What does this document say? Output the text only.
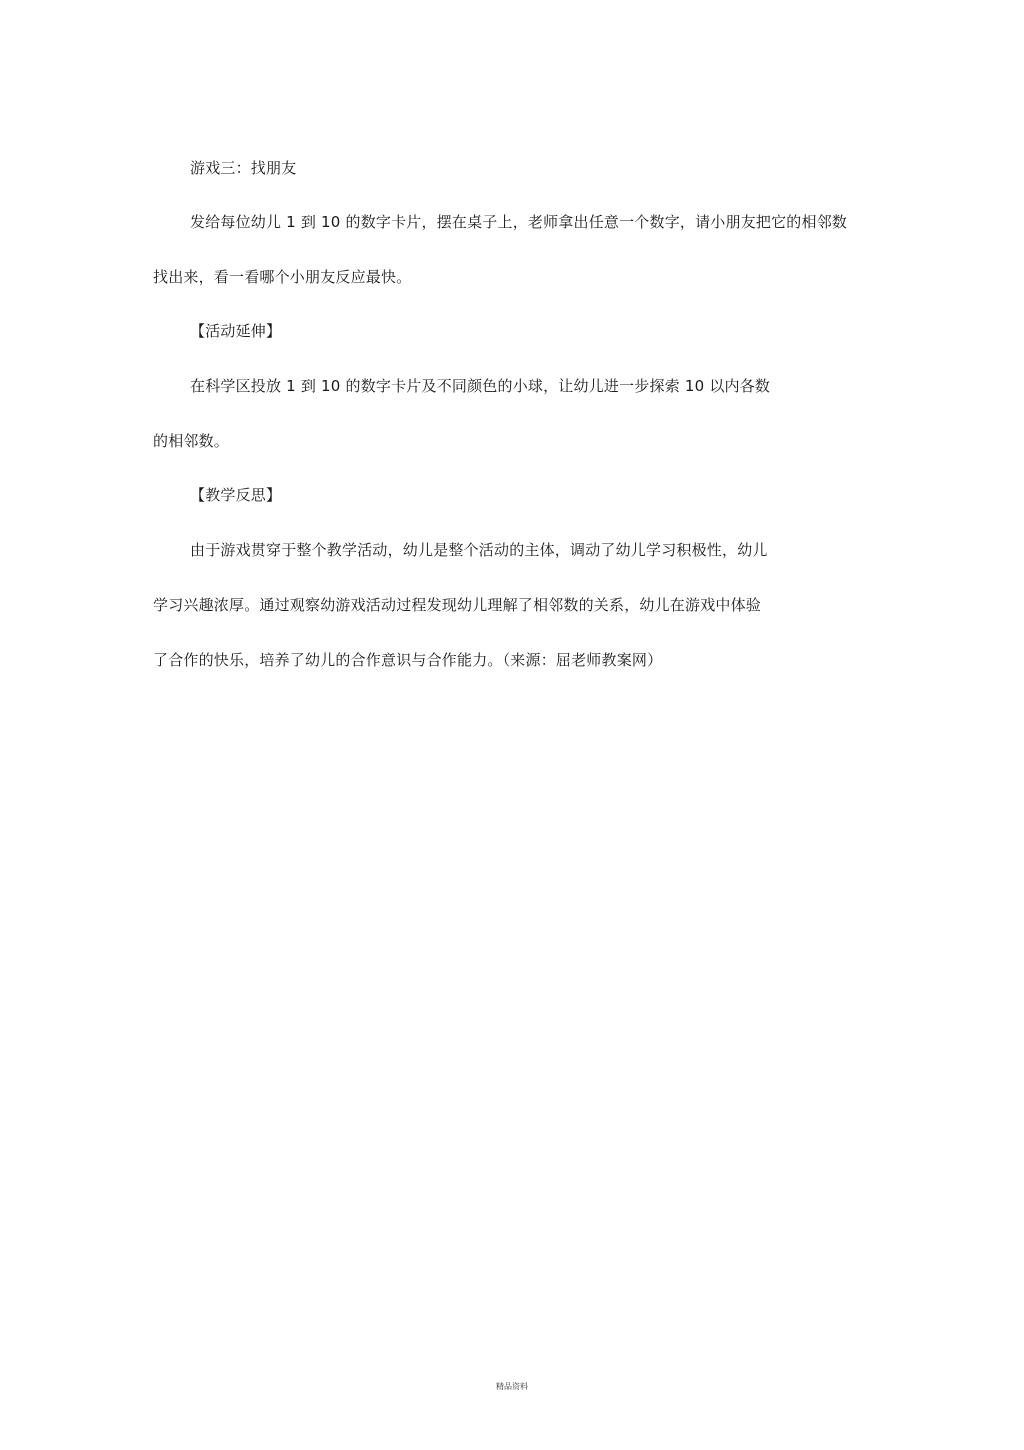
游戏三：找朋友
发给每位幼儿 1 到 10 的数字卡片，摆在桌子上，老师拿出任意一个数字，请小朋友把它的相邻数
找出来，看一看哪个小朋友反应最快。
【活动延伸】
在科学区投放 1 到 10 的数字卡片及不同颜色的小球，让幼儿进一步探索 10 以内各数
的相邻数。
【教学反思】
由于游戏贯穿于整个教学活动，幼儿是整个活动的主体，调动了幼儿学习积极性，幼儿
学习兴趣浓厚。通过观察幼游戏活动过程发现幼儿理解了相邻数的关系，幼儿在游戏中体验
了合作的快乐，培养了幼儿的合作意识与合作能力。（来源：屈老师教案网）
精品资料
